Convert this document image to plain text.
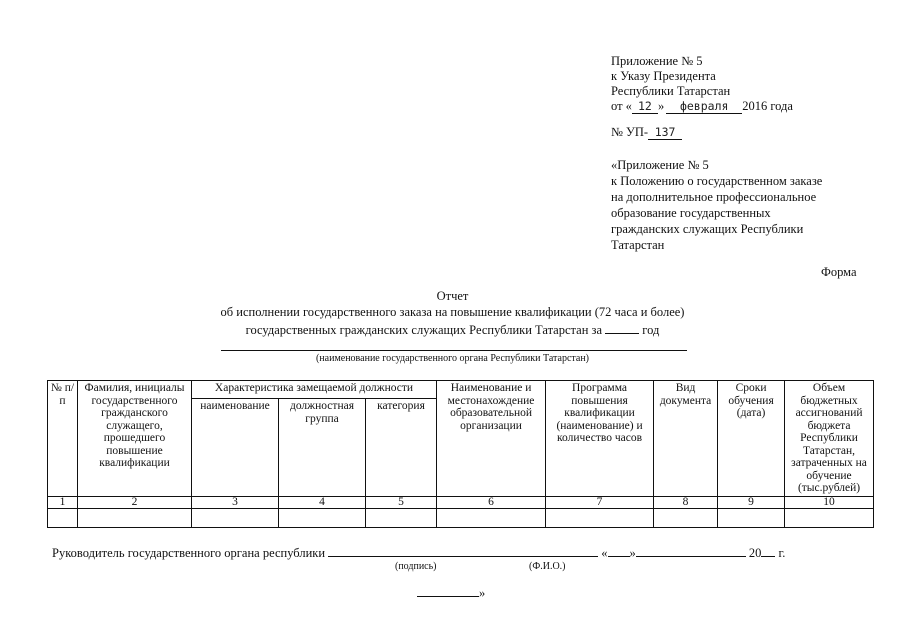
Приложение № 5
к Указу Президента
Республики Татарстан
от « 12 » февраля 2016 года
№ УП- 137
«Приложение № 5
к Положению о государственном заказе
на дополнительное профессиональное
образование государственных
гражданских служащих Республики
Татарстан
Форма
Отчет
об исполнении государственного заказа на повышение квалификации (72 часа и более)
государственных гражданских служащих Республики Татарстан за	год
(наименование государственного органа Республики Татарстан)
№ п/п	Фамилия, инициалы государственного гражданского служащего, прошедшего повышение квалификации	Характеристика замещаемой должности			Наименование и местонахождение образовательной организации	Программа повышения квалификации (наименование) и количество часов	Вид документа	Сроки обучения (дата)	Объем бюджетных ассигнований бюджета Республики Татарстан, затраченных на обучение (тыс.рублей)
		наименование	должностная группа	категория					
1	2	3	4	5	6	7	8	9	10

Руководитель государственного органа республики	« »	20 г.
(подпись)	(Ф.И.О.)
»
